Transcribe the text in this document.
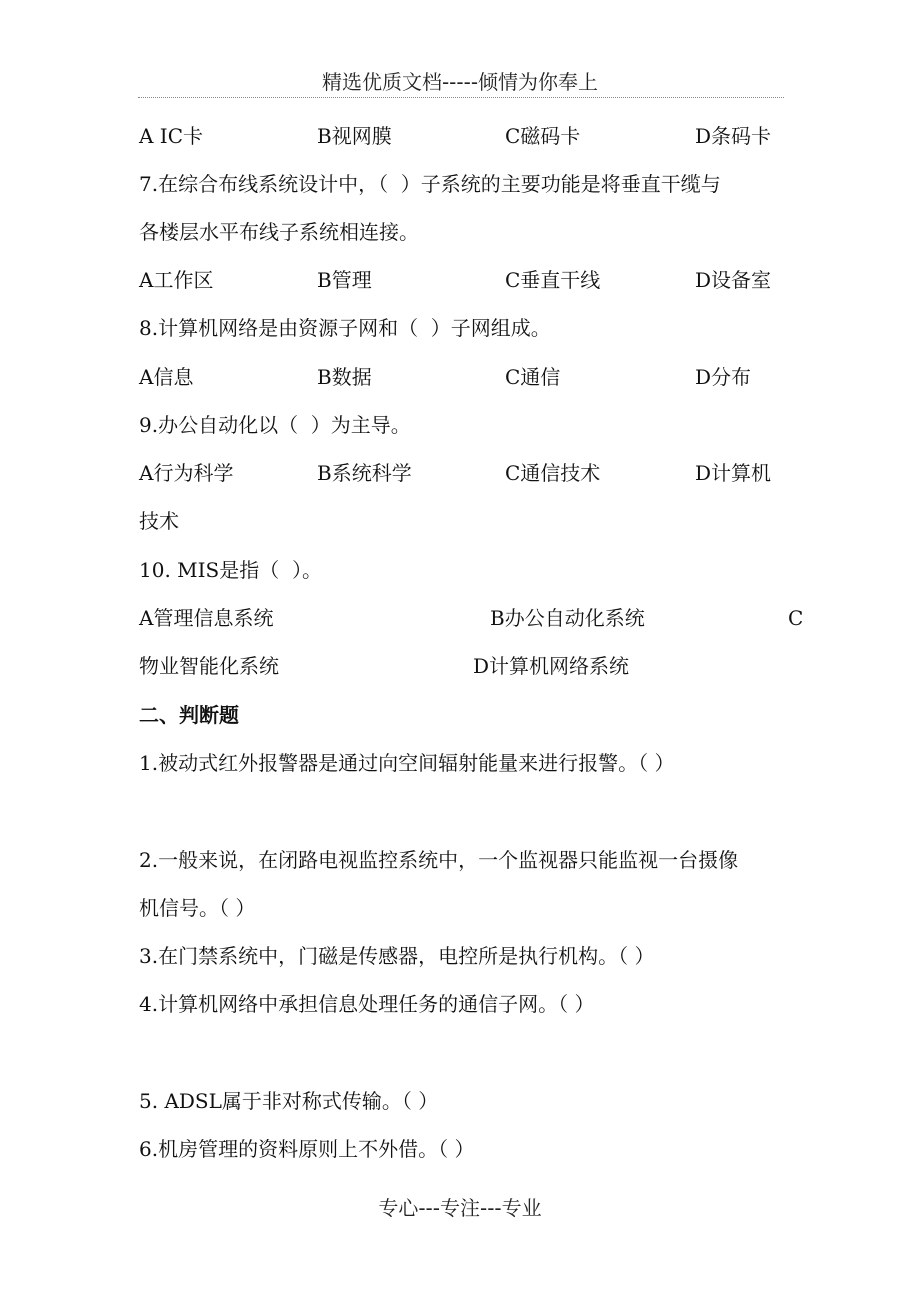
精选优质文档-----倾情为你奉上

A IC卡

	B视网膜

	C磁码卡

	D条码卡

7.在综合布线系统设计中，（  ）子系统的主要功能是将垂直干缆与
各楼层水平布线子系统相连接。

A工作区

	B管理

	C垂直干线

	D设备室

8.计算机网络是由资源子网和（  ）子网组成。

A信息

	B数据

	C通信

	D分布

9.办公自动化以（  ）为主导。

A行为科学

	B系统科学

	C通信技术

	D计算机

技术
10. MIS是指（  ）。

A管理信息系统

	B办公自动化系统

	C

物业智能化系统

	D计算机网络系统

二、判断题
1.被动式红外报警器是通过向空间辐射能量来进行报警。（ ）
2.一般来说，在闭路电视监控系统中，一个监视器只能监视一台摄像
机信号。（ ）
3.在门禁系统中，门磁是传感器，电控所是执行机构。（ ）
4.计算机网络中承担信息处理任务的通信子网。（ ）
5. ADSL属于非对称式传输。（ ）
6.机房管理的资料原则上不外借。（ ）
专心---专注---专业
